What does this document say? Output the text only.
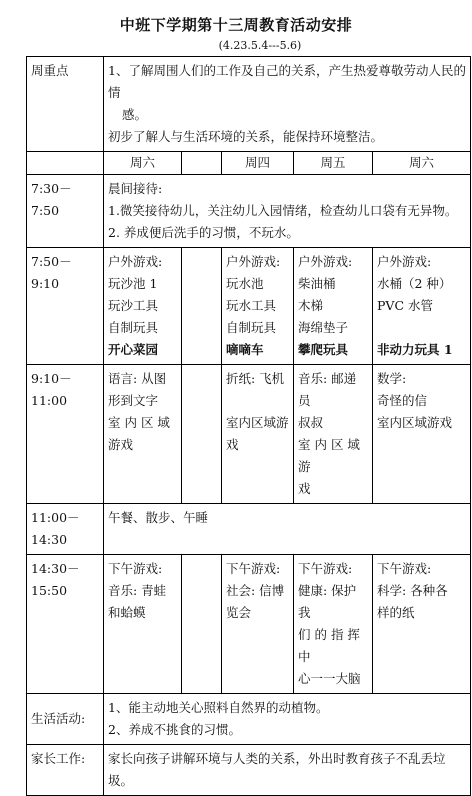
中班下学期第十三周教育活动安排
(4.23.5.4---5.6)
周重点	1、了解周围人们的工作及自己的关系，产生热爱尊敬劳动人民的情
感。
初步了解人与生活环境的关系，能保持环境整洁。				

	周六		周四	周五	周六
7:30－7:50	晨间接待:
1.微笑接待幼儿，关注幼儿入园情绪，检查幼儿口袋有无异物。
2. 养成便后洗手的习惯，不玩水。				

7:50－9:10	户外游戏:
玩沙池 1
玩沙工具
自制玩具
开心菜园		户外游戏:
玩水池
玩水工具
自制玩具
嘀嘀车	户外游戏:
柴油桶
木梯
海绵垫子
攀爬玩具	户外游戏:
水桶（2 种）
PVC 水管

非动力玩具 1

9:10－11:00	语言: 从图
形到文字
室 内 区 域
游戏		折纸: 飞机

室内区域游
戏	音乐: 邮递员
叔叔
室 内 区 域 游
戏	数学:
奇怪的信
室内区域游戏

11:00－14:30	午餐、散步、午睡				
14:30－15:50	下午游戏:
音乐: 青蛙
和蛤蟆		下午游戏:
社会: 信博
览会	下午游戏:
健康: 保护我
们 的 指 挥 中
心一一大脑	下午游戏:
科学: 各种各
样的纸

生活活动:	1、能主动地关心照料自然界的动植物。
2、养成不挑食的习惯。				

家长工作:	家长向孩子讲解环境与人类的关系，外出时教育孩子不乱丢垃圾。				
